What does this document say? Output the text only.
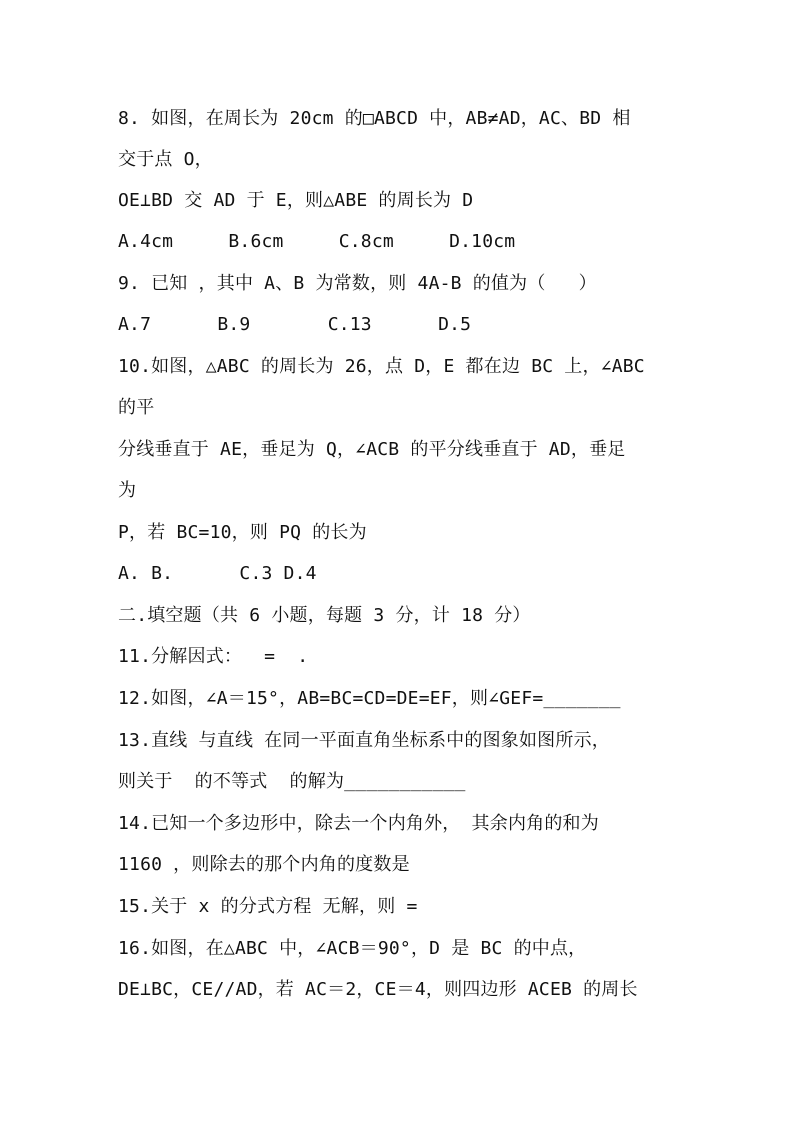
8. 如图，在周长为 20cm 的□ABCD 中，AB≠AD，AC、BD 相
交于点 O，
OE⊥BD 交 AD 于 E，则△ABE 的周长为 D
A.4cm     B.6cm     C.8cm     D.10cm
9. 已知 ，其中 A、B 为常数，则 4A-B 的值为（   ）
A.7      B.9       C.13      D.5
10.如图，△ABC 的周长为 26，点 D，E 都在边 BC 上，∠ABC
的平
分线垂直于 AE，垂足为 Q，∠ACB 的平分线垂直于 AD，垂足
为
P，若 BC=10，则 PQ 的长为
A. B.      C.3 D.4
二.填空题（共 6 小题，每题 3 分，计 18 分）
11.分解因式：  =  .
12.如图，∠A＝15°，AB=BC=CD=DE=EF，则∠GEF=_______
13.直线 与直线 在同一平面直角坐标系中的图象如图所示，
则关于  的不等式  的解为___________
14.已知一个多边形中，除去一个内角外， 其余内角的和为
1160 ，则除去的那个内角的度数是
15.关于 x 的分式方程 无解，则 =
16.如图，在△ABC 中，∠ACB＝90°，D 是 BC 的中点，
DE⊥BC，CE//AD，若 AC＝2，CE＝4，则四边形 ACEB 的周长
